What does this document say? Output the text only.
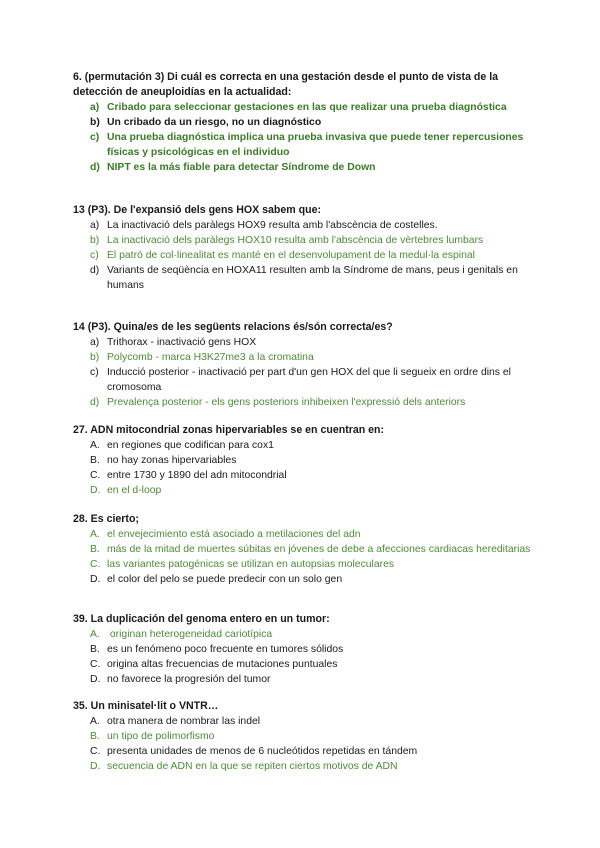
6. (permutación 3) Di cuál es correcta en una gestación desde el punto de vista de la detección de aneuploidías en la actualidad:

a) Cribado para seleccionar gestaciones en las que realizar una prueba diagnóstica
b) Un cribado da un riesgo, no un diagnóstico
c) Una prueba diagnóstica implica una prueba invasiva que puede tener repercusiones físicas y psicológicas en el individuo
d) NIPT es la más fiable para detectar Síndrome de Down

13 (P3). De l'expansió dels gens HOX sabem que:

a) La inactivació dels paràlegs HOX9 resulta amb l'abscència de costelles.
b) La inactivació dels paràlegs HOX10 resulta amb l'abscència de vèrtebres lumbars
c) El patró de col·linealitat es manté en el desenvolupament de la medul·la espinal
d) Variants de seqüència en HOXA11 resulten amb la Síndrome de mans, peus i genitals en humans

14 (P3). Quina/es de les següents relacions és/són correcta/es?

a) Trithorax - inactivació gens HOX
b) Polycomb - marca H3K27me3 a la cromatina
c) Inducció posterior - inactivació per part d'un gen HOX del que li segueix en ordre dins el cromosoma
d) Prevalença posterior - els gens posteriors inhibeixen l'expressió dels anteriors

27. ADN mitocondrial zonas hipervariables se en cuentran en:

A. en regiones que codifican para cox1
B. no hay zonas hipervariables
C. entre 1730 y 1890 del adn mitocondrial
D. en el d-loop

28. Es cierto;

A. el envejecimiento está asociado a metilaciones del adn
B. más de la mitad de muertes súbitas en jóvenes de debe a afecciones cardiacas hereditarias
C. las variantes patogénicas se utilizan en autopsias moleculares
D. el color del pelo se puede predecir con un solo gen

39. La duplicación del genoma entero en un tumor:

A. originan heterogeneidad cariotípica
B. es un fenómeno poco frecuente en tumores sólidos
C. origina altas frecuencias de mutaciones puntuales
D. no favorece la progresión del tumor

35. Un minisatel·lit o VNTR…

A. otra manera de nombrar las indel
B. un tipo de polimorfismo
C. presenta unidades de menos de 6 nucleótidos repetidas en tándem
D. secuencia de ADN en la que se repiten ciertos motivos de ADN
